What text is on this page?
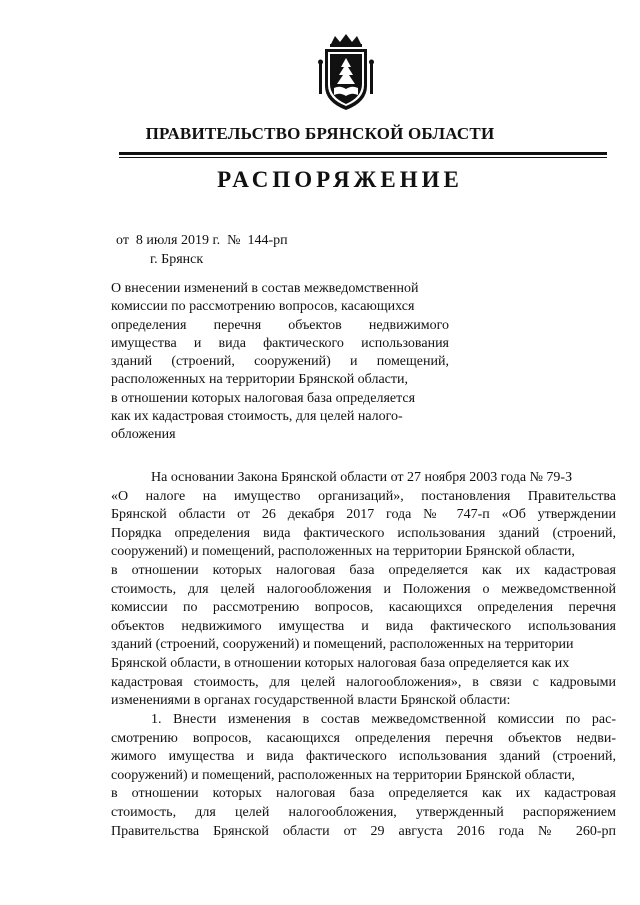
ПРАВИТЕЛЬСТВО БРЯНСКОЙ ОБЛАСТИ
РАСПОРЯЖЕНИЕ
от  8 июля 2019 г.  №  144-рп
г. Брянск
О внесении изменений в состав межведомственной
комиссии по рассмотрению вопросов, касающихся
определения перечня объектов недвижимого
имущества и вида фактического использования
зданий (строений, сооружений) и помещений,
расположенных на территории Брянской области,
в отношении которых налоговая база определяется
как их кадастровая стоимость, для целей налого-
обложения
На основании Закона Брянской области от 27 ноября 2003 года № 79-З
«О налоге на имущество организаций», постановления Правительства
Брянской области от 26 декабря 2017 года № 747-п «Об утверждении
Порядка определения вида фактического использования зданий (строений,
сооружений) и помещений, расположенных на территории Брянской области,
в отношении которых налоговая база определяется как их кадастровая
стоимость, для целей налогообложения и Положения о межведомственной
комиссии по рассмотрению вопросов, касающихся определения перечня
объектов недвижимого имущества и вида фактического использования
зданий (строений, сооружений) и помещений, расположенных на территории
Брянской области, в отношении которых налоговая база определяется как их
кадастровая стоимость, для целей налогообложения», в связи с кадровыми
изменениями в органах государственной власти Брянской области:
1. Внести изменения в состав межведомственной комиссии по рас-
смотрению вопросов, касающихся определения перечня объектов недви-
жимого имущества и вида фактического использования зданий (строений,
сооружений) и помещений, расположенных на территории Брянской области,
в отношении которых налоговая база определяется как их кадастровая
стоимость, для целей налогообложения, утвержденный распоряжением
Правительства Брянской области от 29 августа 2016 года № 260-рп
